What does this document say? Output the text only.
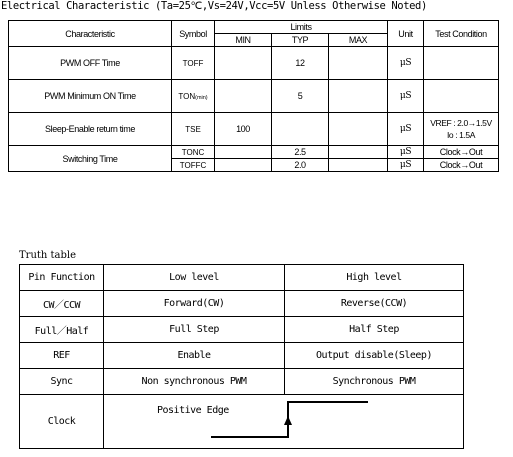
Electrical Characteristic (Ta=25℃,Vs=24V,Vcc=5V Unless Otherwise Noted)
Characteristic	Symbol	Limits			Unit	Test Condition
		MIN	TYP	MAX		
PWM OFF Time	TOFF		12		μS	
PWM Minimum ON Time	TON(min)		5		μS	
Sleep-Enable return time	TSE	100			μS	VREF : 2.0→1.5V
Io : 1.5A

Switching Time	TONC		2.5		μS	Clock→Out
	TOFFC		2.0		μS	Clock→Out
Truth table
Pin Function	Low level	High level
CW／CCW	Forward(CW)	Reverse(CCW)
Full／Half	Full Step	Half Step
REF	Enable	Output disable(Sleep)
Sync	Non synchronous PWM	Synchronous PWM
Clock	Positive Edge	
